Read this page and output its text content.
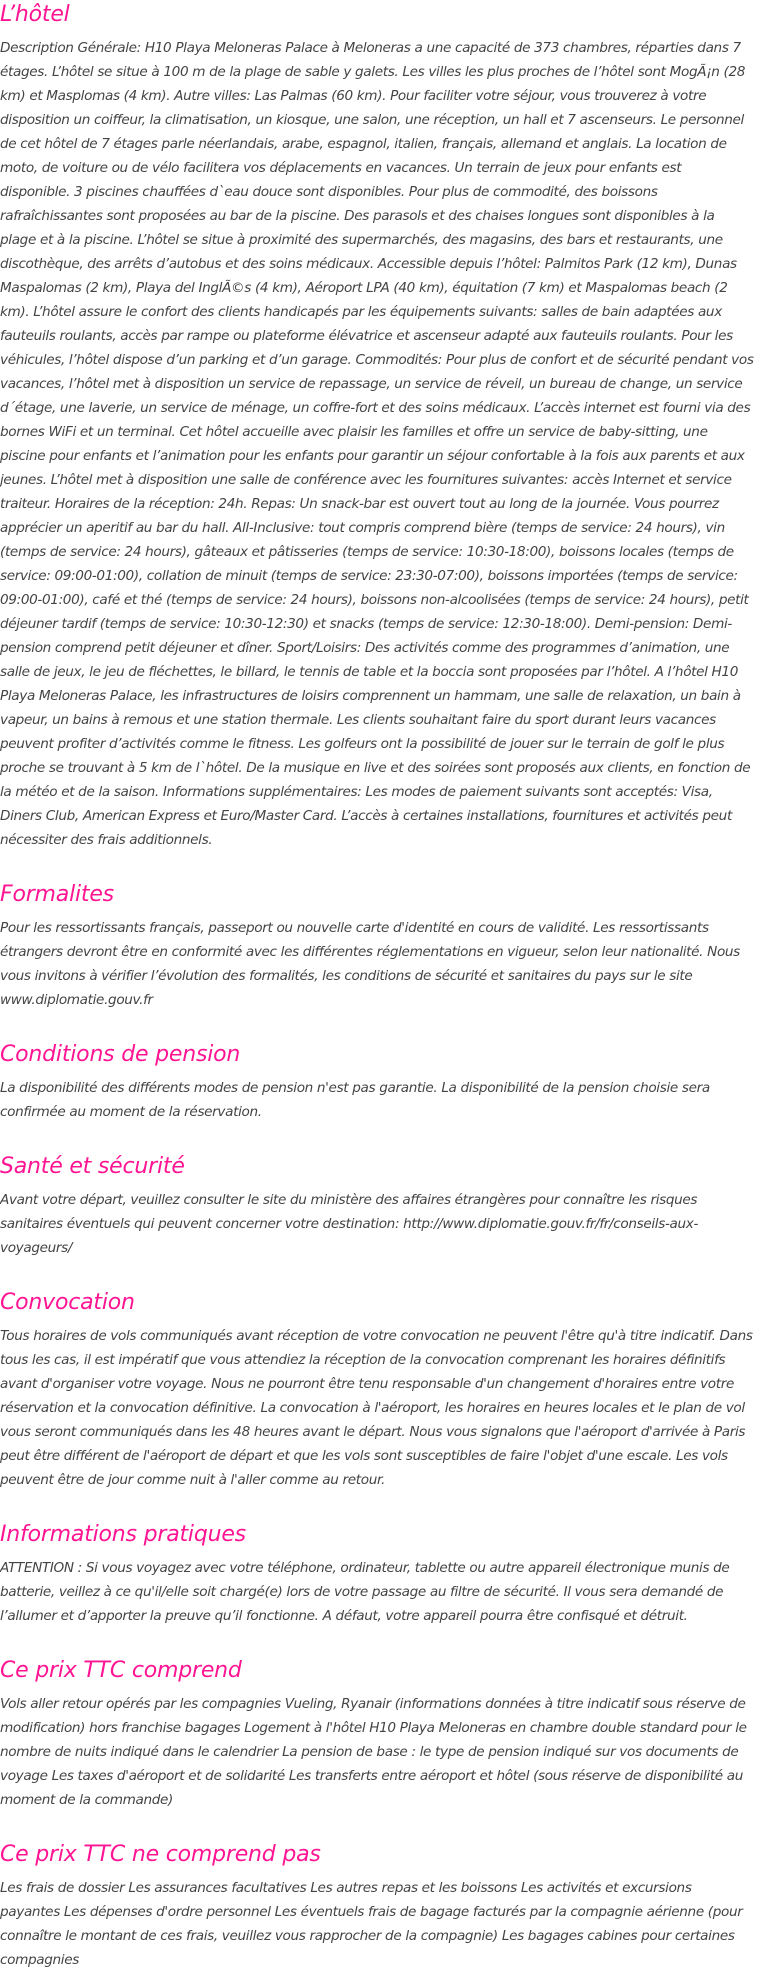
L’hôtel

Description Générale: H10 Playa Meloneras Palace à Meloneras a une capacité de 373 chambres, réparties dans 7 étages. L’hôtel se situe à 100 m de la plage de sable y galets. Les villes les plus proches de l’hôtel sont MogÃ¡n (28 km) et Masplomas (4 km). Autre villes: Las Palmas (60 km). Pour faciliter votre séjour, vous trouverez à votre disposition un coiffeur, la climatisation, un kiosque, une salon, une réception, un hall et 7 ascenseurs. Le personnel de cet hôtel de 7 étages parle néerlandais, arabe, espagnol, italien, français, allemand et anglais. La location de moto, de voiture ou de vélo facilitera vos déplacements en vacances. Un terrain de jeux pour enfants est disponible. 3 piscines chauffées d`eau douce sont disponibles. Pour plus de commodité, des boissons rafraîchissantes sont proposées au bar de la piscine. Des parasols et des chaises longues sont disponibles à la plage et à la piscine. L’hôtel se situe à proximité des supermarchés, des magasins, des bars et restaurants, une discothèque, des arrêts d’autobus et des soins médicaux. Accessible depuis l’hôtel: Palmitos Park (12 km), Dunas Maspalomas (2 km), Playa del InglÃ©s (4 km), Aéroport LPA (40 km), équitation (7 km) et Maspalomas beach (2 km). L’hôtel assure le confort des clients handicapés par les équipements suivants: salles de bain adaptées aux fauteuils roulants, accès par rampe ou plateforme élévatrice et ascenseur adapté aux fauteuils roulants. Pour les véhicules, l’hôtel dispose d’un parking et d’un garage. Commodités: Pour plus de confort et de sécurité pendant vos vacances, l’hôtel met à disposition un service de repassage, un service de réveil, un bureau de change, un service d´étage, une laverie, un service de ménage, un coffre-fort et des soins médicaux. L’accès internet est fourni via des bornes WiFi et un terminal. Cet hôtel accueille avec plaisir les familles et offre un service de baby-sitting, une piscine pour enfants et l’animation pour les enfants pour garantir un séjour confortable à la fois aux parents et aux jeunes. L’hôtel met à disposition une salle de conférence avec les fournitures suivantes: accès Internet et service traiteur. Horaires de la réception: 24h. Repas: Un snack-bar est ouvert tout au long de la journée. Vous pourrez apprécier un aperitif au bar du hall. All-Inclusive: tout compris comprend bière (temps de service: 24 hours), vin (temps de service: 24 hours), gâteaux et pâtisseries (temps de service: 10:30-18:00), boissons locales (temps de service: 09:00-01:00), collation de minuit (temps de service: 23:30-07:00), boissons importées (temps de service: 09:00-01:00), café et thé (temps de service: 24 hours), boissons non-alcoolisées (temps de service: 24 hours), petit déjeuner tardif (temps de service: 10:30-12:30) et snacks (temps de service: 12:30-18:00). Demi-pension: Demi-pension comprend petit déjeuner et dîner. Sport/Loisirs: Des activités comme des programmes d’animation, une salle de jeux, le jeu de fléchettes, le billard, le tennis de table et la boccia sont proposées par l’hôtel. A l’hôtel H10 Playa Meloneras Palace, les infrastructures de loisirs comprennent un hammam, une salle de relaxation, un bain à vapeur, un bains à remous et une station thermale. Les clients souhaitant faire du sport durant leurs vacances peuvent profiter d’activités comme le fitness. Les golfeurs ont la possibilité de jouer sur le terrain de golf le plus proche se trouvant à 5 km de l`hôtel. De la musique en live et des soirées sont proposés aux clients, en fonction de la météo et de la saison. Informations supplémentaires: Les modes de paiement suivants sont acceptés: Visa, Diners Club, American Express et Euro/Master Card. L’accès à certaines installations, fournitures et activités peut nécessiter des frais additionnels.

Formalites

Pour les ressortissants français, passeport ou nouvelle carte d'identité en cours de validité. Les ressortissants étrangers devront être en conformité avec les différentes réglementations en vigueur, selon leur nationalité. Nous vous invitons à vérifier l’évolution des formalités, les conditions de sécurité et sanitaires du pays sur le site www.diplomatie.gouv.fr

Conditions de pension

La disponibilité des différents modes de pension n'est pas garantie. La disponibilité de la pension choisie sera confirmée au moment de la réservation.

Santé et sécurité

Avant votre départ, veuillez consulter le site du ministère des affaires étrangères pour connaître les risques sanitaires éventuels qui peuvent concerner votre destination: http://www.diplomatie.gouv.fr/fr/conseils-aux-voyageurs/

Convocation

Tous horaires de vols communiqués avant réception de votre convocation ne peuvent l'être qu'à titre indicatif. Dans tous les cas, il est impératif que vous attendiez la réception de la convocation comprenant les horaires définitifs avant d'organiser votre voyage. Nous ne pourront être tenu responsable d'un changement d'horaires entre votre réservation et la convocation définitive. La convocation à l'aéroport, les horaires en heures locales et le plan de vol vous seront communiqués dans les 48 heures avant le départ. Nous vous signalons que l'aéroport d'arrivée à Paris peut être différent de l'aéroport de départ et que les vols sont susceptibles de faire l'objet d'une escale. Les vols peuvent être de jour comme nuit à l'aller comme au retour.

Informations pratiques

ATTENTION : Si vous voyagez avec votre téléphone, ordinateur, tablette ou autre appareil électronique munis de batterie, veillez à ce qu'il/elle soit chargé(e) lors de votre passage au filtre de sécurité. Il vous sera demandé de l’allumer et d’apporter la preuve qu’il fonctionne. A défaut, votre appareil pourra être confisqué et détruit.

Ce prix TTC comprend

Vols aller retour opérés par les compagnies Vueling, Ryanair (informations données à titre indicatif sous réserve de modification) hors franchise bagages Logement à l'hôtel H10 Playa Meloneras en chambre double standard pour le nombre de nuits indiqué dans le calendrier La pension de base : le type de pension indiqué sur vos documents de voyage Les taxes d'aéroport et de solidarité Les transferts entre aéroport et hôtel (sous réserve de disponibilité au moment de la commande)

Ce prix TTC ne comprend pas

Les frais de dossier Les assurances facultatives Les autres repas et les boissons Les activités et excursions payantes Les dépenses d'ordre personnel Les éventuels frais de bagage facturés par la compagnie aérienne (pour connaître le montant de ces frais, veuillez vous rapprocher de la compagnie) Les bagages cabines pour certaines compagnies
